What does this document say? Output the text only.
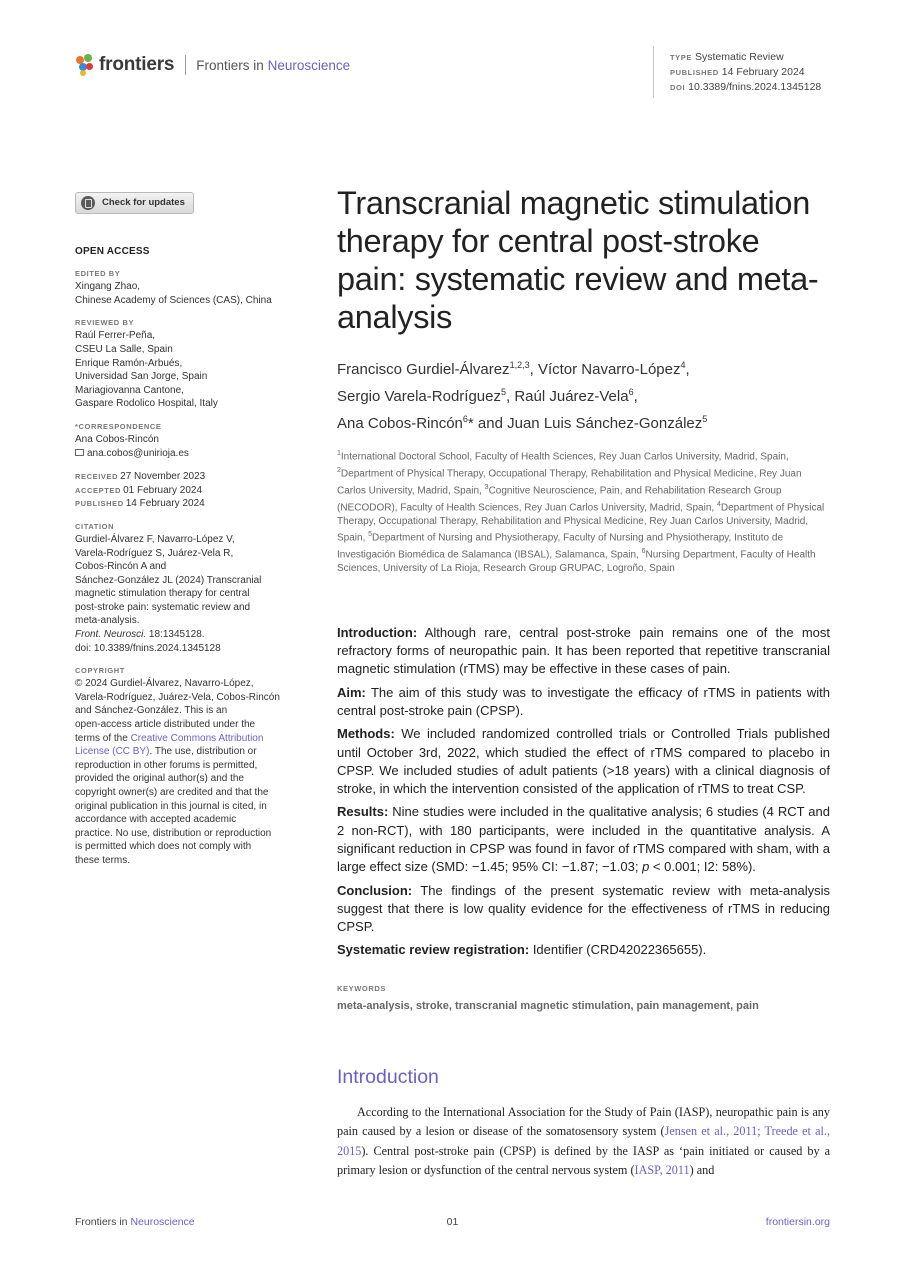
frontiers Frontiers in Neuroscience	TYPE Systematic Review
PUBLISHED 14 February 2024
DOI 10.3389/fnins.2024.1345128
Check for updates
OPEN ACCESS
EDITED BY
Xingang Zhao,
Chinese Academy of Sciences (CAS), China
REVIEWED BY
Raúl Ferrer-Peña,
CSEU La Salle, Spain
Enrique Ramón-Arbués,
Universidad San Jorge, Spain
Mariagiovanna Cantone,
Gaspare Rodolico Hospital, Italy
*CORRESPONDENCE
Ana Cobos-Rincón
ana.cobos@unirioja.es
RECEIVED 27 November 2023
ACCEPTED 01 February 2024
PUBLISHED 14 February 2024
CITATION
Gurdiel-Álvarez F, Navarro-López V,
Varela-Rodríguez S, Juárez-Vela R,
Cobos-Rincón A and
Sánchez-González JL (2024) Transcranial
magnetic stimulation therapy for central
post-stroke pain: systematic review and
meta-analysis.
Front. Neurosci. 18:1345128.
doi: 10.3389/fnins.2024.1345128
COPYRIGHT
© 2024 Gurdiel-Álvarez, Navarro-López,
Varela-Rodríguez, Juárez-Vela, Cobos-Rincón
and Sánchez-González. This is an
open-access article distributed under the
terms of the Creative Commons Attribution
License (CC BY). The use, distribution or
reproduction in other forums is permitted,
provided the original author(s) and the
copyright owner(s) are credited and that the
original publication in this journal is cited, in
accordance with accepted academic
practice. No use, distribution or reproduction
is permitted which does not comply with
these terms.
Transcranial magnetic stimulation therapy for central post-stroke pain: systematic review and meta-analysis
Francisco Gurdiel-Álvarez$^{1,2,3}$, Víctor Navarro-López$^4$,
Sergio Varela-Rodríguez$^5$, Raúl Juárez-Vela$^6$,
Ana Cobos-Rincón$^6$* and Juan Luis Sánchez-González$^5$
$^1$International Doctoral School, Faculty of Health Sciences, Rey Juan Carlos University, Madrid, Spain, $^2$Department of Physical Therapy, Occupational Therapy, Rehabilitation and Physical Medicine, Rey Juan Carlos University, Madrid, Spain, $^3$Cognitive Neuroscience, Pain, and Rehabilitation Research Group (NECODOR), Faculty of Health Sciences, Rey Juan Carlos University, Madrid, Spain, $^4$Department of Physical Therapy, Occupational Therapy, Rehabilitation and Physical Medicine, Rey Juan Carlos University, Madrid, Spain, $^5$Department of Nursing and Physiotherapy, Faculty of Nursing and Physiotherapy, Instituto de Investigación Biomédica de Salamanca (IBSAL), Salamanca, Spain, $^6$Nursing Department, Faculty of Health Sciences, University of La Rioja, Research Group GRUPAC, Logroño, Spain

Introduction: Although rare, central post-stroke pain remains one of the most refractory forms of neuropathic pain. It has been reported that repetitive transcranial magnetic stimulation (rTMS) may be effective in these cases of pain.

Aim: The aim of this study was to investigate the efficacy of rTMS in patients with central post-stroke pain (CPSP).

Methods: We included randomized controlled trials or Controlled Trials published until October 3rd, 2022, which studied the effect of rTMS compared to placebo in CPSP. We included studies of adult patients (>18 years) with a clinical diagnosis of stroke, in which the intervention consisted of the application of rTMS to treat CSP.

Results: Nine studies were included in the qualitative analysis; 6 studies (4 RCT and 2 non-RCT), with 180 participants, were included in the quantitative analysis. A significant reduction in CPSP was found in favor of rTMS compared with sham, with a large effect size (SMD: −1.45; 95% CI: −1.87; −1.03; p < 0.001; I2: 58%).

Conclusion: The findings of the present systematic review with meta-analysis suggest that there is low quality evidence for the effectiveness of rTMS in reducing CPSP.

Systematic review registration: Identifier (CRD42022365655).

KEYWORDS
meta-analysis, stroke, transcranial magnetic stimulation, pain management, pain
Introduction

According to the International Association for the Study of Pain (IASP), neuropathic pain is any pain caused by a lesion or disease of the somatosensory system (Jensen et al., 2011; Treede et al., 2015). Central post-stroke pain (CPSP) is defined by the IASP as ‘pain initiated or caused by a primary lesion or dysfunction of the central nervous system (IASP, 2011) and

Frontiers in Neuroscience	01	frontiersin.org
